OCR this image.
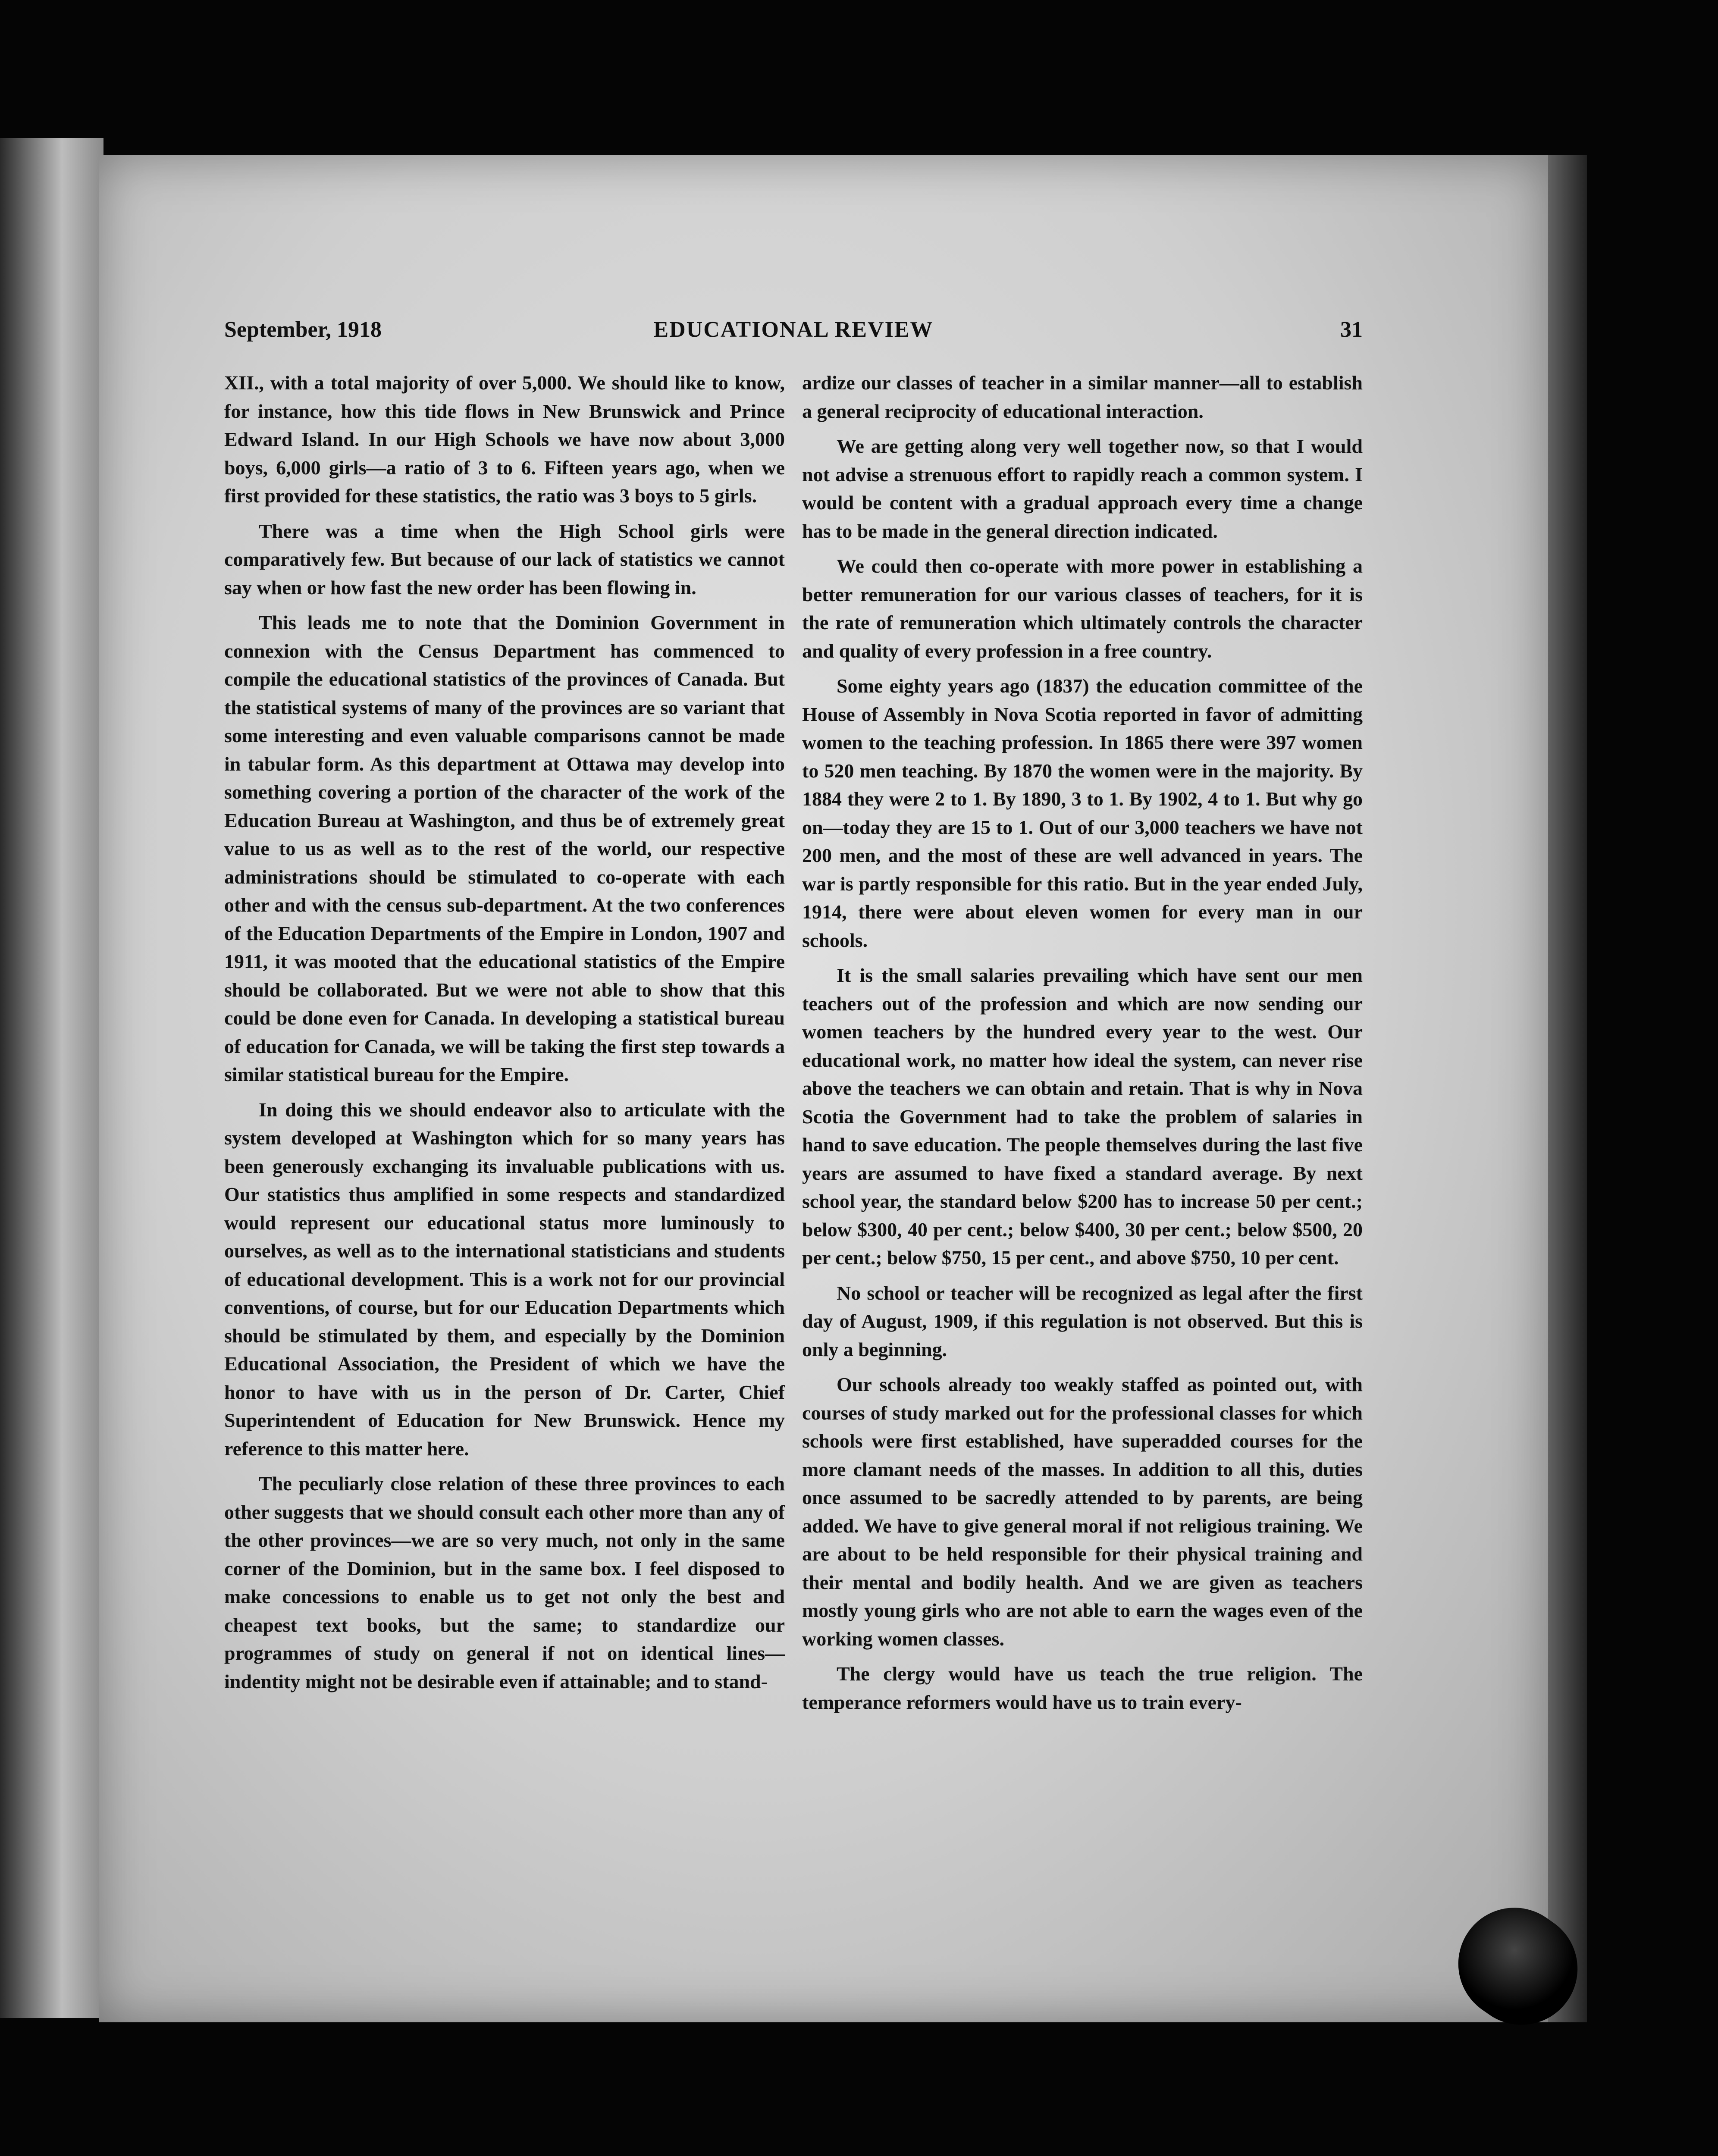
September, 1918	EDUCATIONAL REVIEW	31

XII., with a total majority of over 5,000. We should like to know, for instance, how this tide flows in New Brunswick and Prince Edward Island. In our High Schools we have now about 3,000 boys, 6,000 girls—a ratio of 3 to 6. Fifteen years ago, when we first provided for these statistics, the ratio was 3 boys to 5 girls.

There was a time when the High School girls were comparatively few. But because of our lack of statistics we cannot say when or how fast the new order has been flowing in.

This leads me to note that the Dominion Government in connexion with the Census Department has commenced to compile the educational statistics of the provinces of Canada. But the statistical systems of many of the provinces are so variant that some interesting and even valuable comparisons cannot be made in tabular form. As this department at Ottawa may develop into something covering a portion of the character of the work of the Education Bureau at Washington, and thus be of extremely great value to us as well as to the rest of the world, our respective administrations should be stimulated to co-operate with each other and with the census sub-department. At the two conferences of the Education Departments of the Empire in London, 1907 and 1911, it was mooted that the educational statistics of the Empire should be collaborated. But we were not able to show that this could be done even for Canada. In developing a statistical bureau of education for Canada, we will be taking the first step towards a similar statistical bureau for the Empire.

In doing this we should endeavor also to articulate with the system developed at Washington which for so many years has been generously exchanging its invaluable publications with us. Our statistics thus amplified in some respects and standardized would represent our educational status more luminously to ourselves, as well as to the international statisticians and students of educational development. This is a work not for our provincial conventions, of course, but for our Education Departments which should be stimulated by them, and especially by the Dominion Educational Association, the President of which we have the honor to have with us in the person of Dr. Carter, Chief Superintendent of Education for New Brunswick. Hence my reference to this matter here.

The peculiarly close relation of these three provinces to each other suggests that we should consult each other more than any of the other provinces—we are so very much, not only in the same corner of the Dominion, but in the same box. I feel disposed to make concessions to enable us to get not only the best and cheapest text books, but the same; to standardize our programmes of study on general if not on identical lines—indentity might not be desirable even if attainable; and to stand-

ardize our classes of teacher in a similar manner—all to establish a general reciprocity of educational interaction.

We are getting along very well together now, so that I would not advise a strenuous effort to rapidly reach a common system. I would be content with a gradual approach every time a change has to be made in the general direction indicated.

We could then co-operate with more power in establishing a better remuneration for our various classes of teachers, for it is the rate of remuneration which ultimately controls the character and quality of every profession in a free country.

Some eighty years ago (1837) the education committee of the House of Assembly in Nova Scotia reported in favor of admitting women to the teaching profession. In 1865 there were 397 women to 520 men teaching. By 1870 the women were in the majority. By 1884 they were 2 to 1. By 1890, 3 to 1. By 1902, 4 to 1. But why go on—today they are 15 to 1. Out of our 3,000 teachers we have not 200 men, and the most of these are well advanced in years. The war is partly responsible for this ratio. But in the year ended July, 1914, there were about eleven women for every man in our schools.

It is the small salaries prevailing which have sent our men teachers out of the profession and which are now sending our women teachers by the hundred every year to the west. Our educational work, no matter how ideal the system, can never rise above the teachers we can obtain and retain. That is why in Nova Scotia the Government had to take the problem of salaries in hand to save education. The people themselves during the last five years are assumed to have fixed a standard average. By next school year, the standard below $200 has to increase 50 per cent.; below $300, 40 per cent.; below $400, 30 per cent.; below $500, 20 per cent.; below $750, 15 per cent., and above $750, 10 per cent.

No school or teacher will be recognized as legal after the first day of August, 1909, if this regulation is not observed. But this is only a beginning.

Our schools already too weakly staffed as pointed out, with courses of study marked out for the professional classes for which schools were first established, have superadded courses for the more clamant needs of the masses. In addition to all this, duties once assumed to be sacredly attended to by parents, are being added. We have to give general moral if not religious training. We are about to be held responsible for their physical training and their mental and bodily health. And we are given as teachers mostly young girls who are not able to earn the wages even of the working women classes.

The clergy would have us teach the true religion. The temperance reformers would have us to train every-
